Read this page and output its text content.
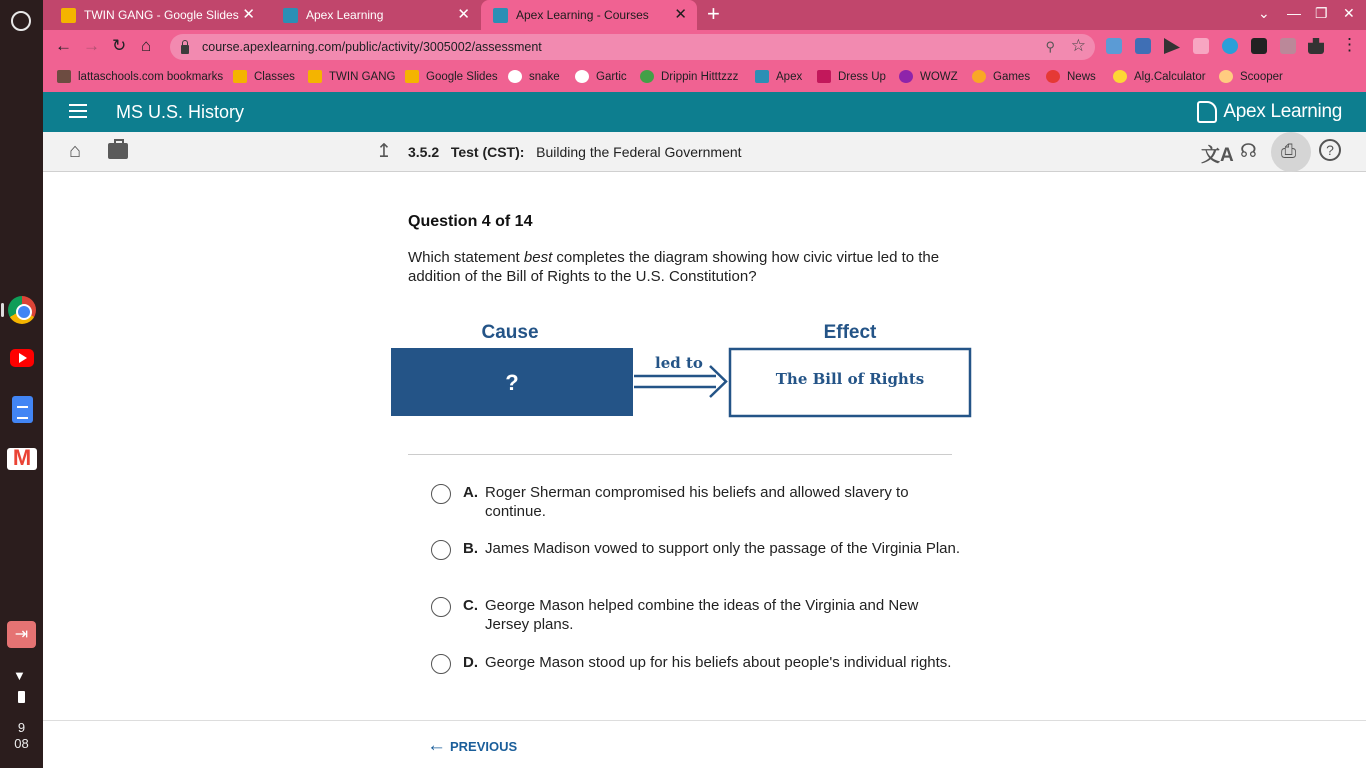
M
⇥
▼
9
08
TWIN GANG - Google Slides ✕	Apex Learning	✕	Apex Learning - Courses ✕ +	⌄ — ❐ ✕
← → ↻ ⌂	course.apexlearning.com/public/activity/3005002/assessment	⚲ ☆	⋮
lattaschools.com bookmarks	Classes	TWIN GANG	Google Slides	snake	Gartic	Drippin Hitttzzz	Apex	Dress Up	WOWZ	Games	News	Alg.Calculator	Scooper
MS U.S. History	Apex Learning
⌂	↥ 3.5.2 Test (CST): Building the Federal Government	文A ☊ ⎙	?
Question 4 of 14
Which statement best completes the diagram showing how civic virtue led to the addition of the Bill of Rights to the U.S. Constitution?
Cause	Effect
?
led to
The Bill of Rights
A. Roger Sherman compromised his beliefs and allowed slavery to continue.
B. James Madison vowed to support only the passage of the Virginia Plan.
C. George Mason helped combine the ideas of the Virginia and New Jersey plans.
D. George Mason stood up for his beliefs about people's individual rights.
← PREVIOUS
